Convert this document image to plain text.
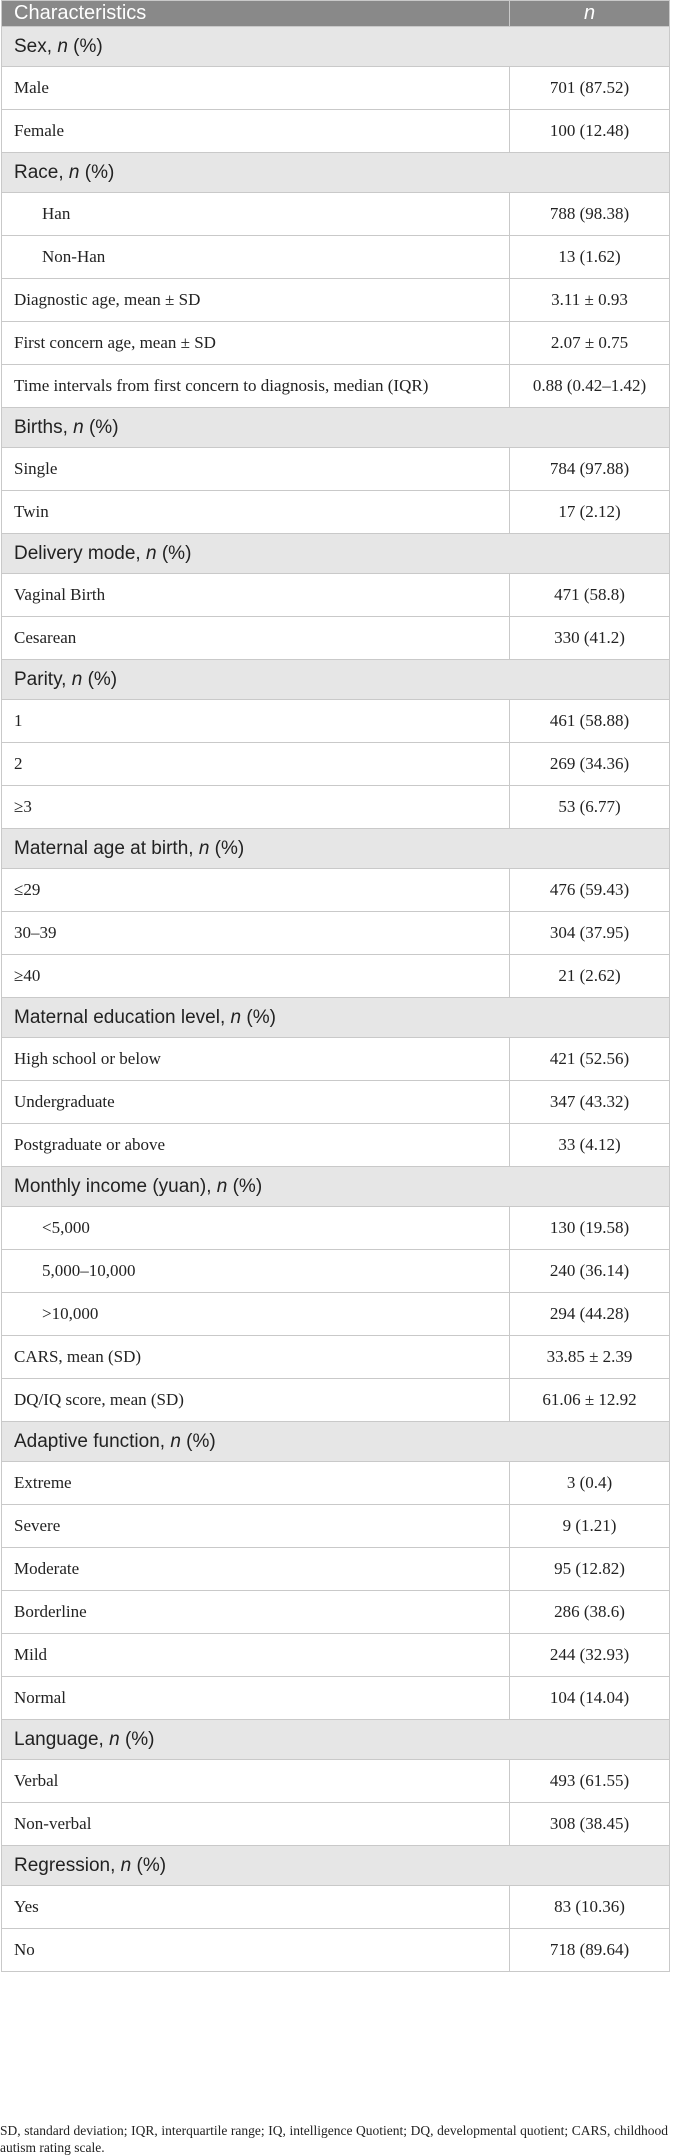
Characteristics	n
Sex, n (%)	
Male	701 (87.52)
Female	100 (12.48)
Race, n (%)	
Han	788 (98.38)
Non-Han	13 (1.62)
Diagnostic age, mean ± SD	3.11 ± 0.93
First concern age, mean ± SD	2.07 ± 0.75
Time intervals from first concern to diagnosis, median (IQR)	0.88 (0.42–1.42)
Births, n (%)	
Single	784 (97.88)
Twin	17 (2.12)
Delivery mode, n (%)	
Vaginal Birth	471 (58.8)
Cesarean	330 (41.2)
Parity, n (%)	
1	461 (58.88)
2	269 (34.36)
≥3	53 (6.77)
Maternal age at birth, n (%)	
≤29	476 (59.43)
30–39	304 (37.95)
≥40	21 (2.62)
Maternal education level, n (%)	
High school or below	421 (52.56)
Undergraduate	347 (43.32)
Postgraduate or above	33 (4.12)
Monthly income (yuan), n (%)	
<5,000	130 (19.58)
5,000–10,000	240 (36.14)
>10,000	294 (44.28)
CARS, mean (SD)	33.85 ± 2.39
DQ/IQ score, mean (SD)	61.06 ± 12.92
Adaptive function, n (%)	
Extreme	3 (0.4)
Severe	9 (1.21)
Moderate	95 (12.82)
Borderline	286 (38.6)
Mild	244 (32.93)
Normal	104 (14.04)
Language, n (%)	
Verbal	493 (61.55)
Non-verbal	308 (38.45)
Regression, n (%)	
Yes	83 (10.36)
No	718 (89.64)
SD, standard deviation; IQR, interquartile range; IQ, intelligence Quotient; DQ, developmental quotient; CARS, childhood autism rating scale.
